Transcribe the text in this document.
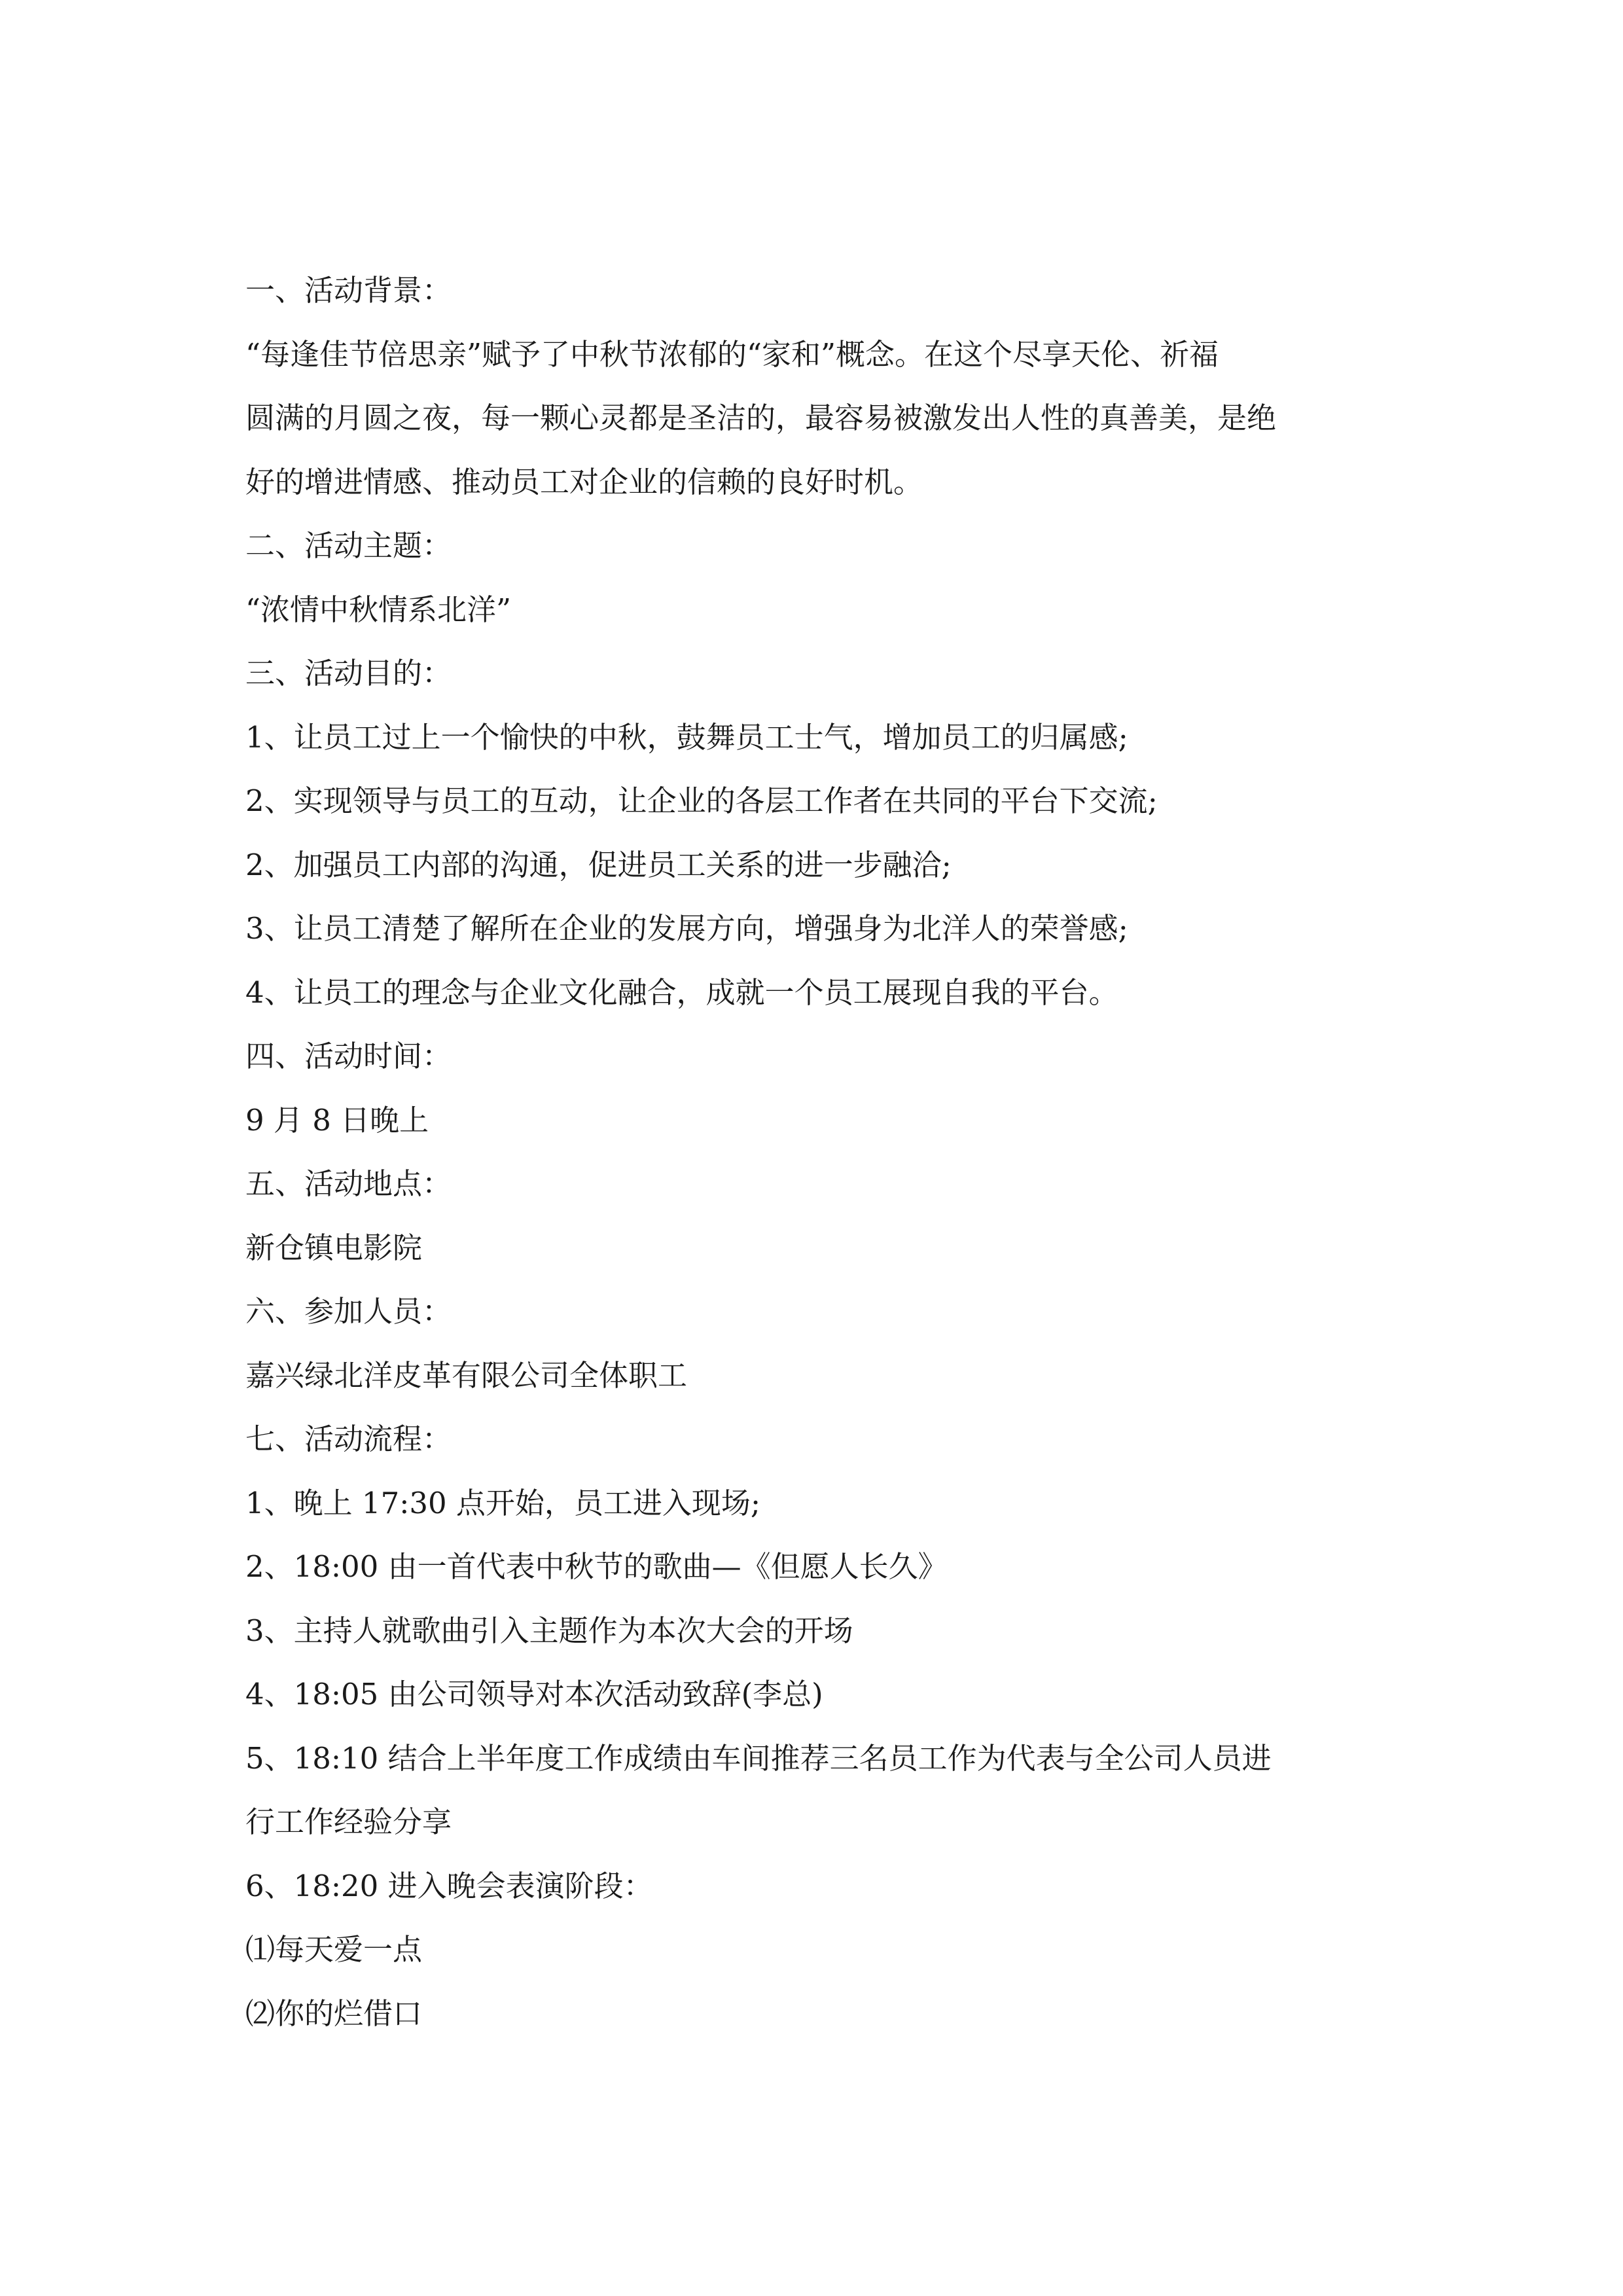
一、活动背景：
“每逢佳节倍思亲”赋予了中秋节浓郁的“家和”概念。在这个尽享天伦、祈福
圆满的月圆之夜，每一颗心灵都是圣洁的，最容易被激发出人性的真善美，是绝
好的增进情感、推动员工对企业的信赖的良好时机。
二、活动主题：
“浓情中秋情系北洋”
三、活动目的：
1、让员工过上一个愉快的中秋，鼓舞员工士气，增加员工的归属感;
2、实现领导与员工的互动，让企业的各层工作者在共同的平台下交流;
2、加强员工内部的沟通，促进员工关系的进一步融洽;
3、让员工清楚了解所在企业的发展方向，增强身为北洋人的荣誉感;
4、让员工的理念与企业文化融合，成就一个员工展现自我的平台。
四、活动时间：
9 月 8 日晚上
五、活动地点：
新仓镇电影院
六、参加人员：
嘉兴绿北洋皮革有限公司全体职工
七、活动流程：
1、晚上 17:30 点开始，员工进入现场;
2、18:00 由一首代表中秋节的歌曲—《但愿人长久》
3、主持人就歌曲引入主题作为本次大会的开场
4、18:05 由公司领导对本次活动致辞(李总)
5、18:10 结合上半年度工作成绩由车间推荐三名员工作为代表与全公司人员进
行工作经验分享
6、18:20 进入晚会表演阶段：
⑴每天爱一点
⑵你的烂借口
